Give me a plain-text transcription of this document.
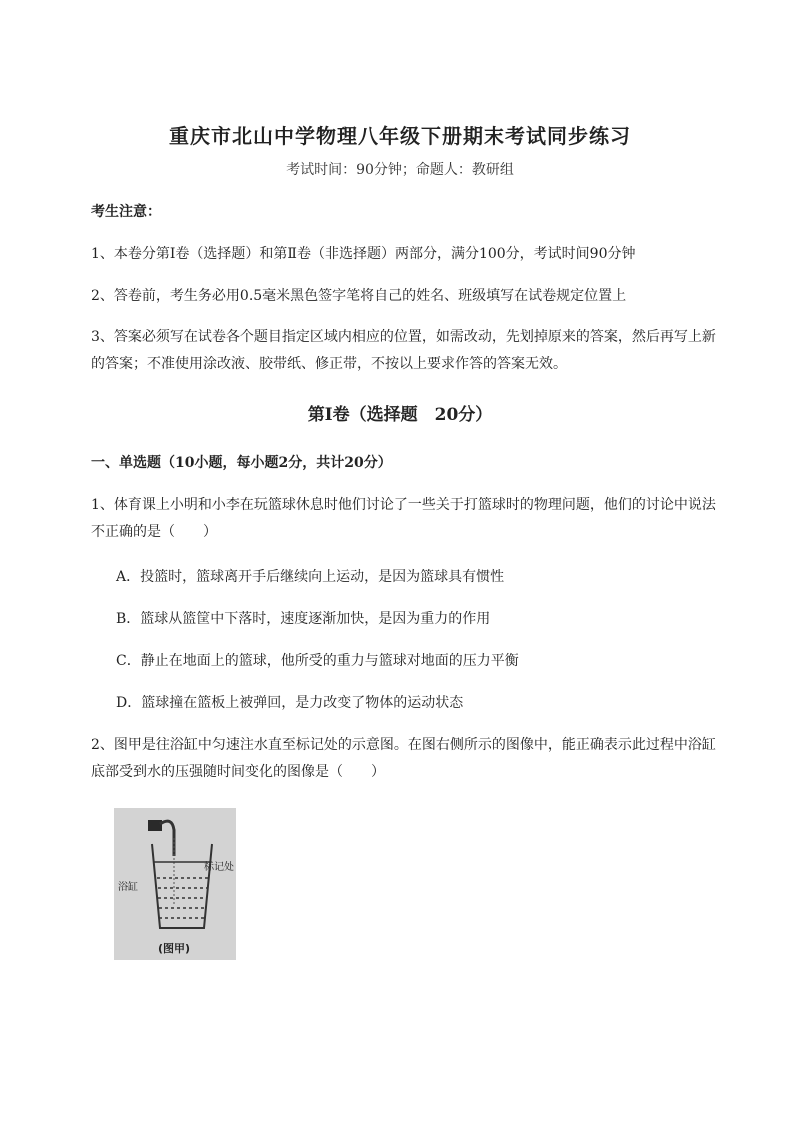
重庆市北山中学物理八年级下册期末考试同步练习
考试时间：90分钟；命题人：教研组
考生注意：
1、本卷分第I卷（选择题）和第Ⅱ卷（非选择题）两部分，满分100分，考试时间90分钟
2、答卷前，考生务必用0.5毫米黑色签字笔将自己的姓名、班级填写在试卷规定位置上
3、答案必须写在试卷各个题目指定区域内相应的位置，如需改动，先划掉原来的答案，然后再写上新的答案；不准使用涂改液、胶带纸、修正带，不按以上要求作答的答案无效。
第I卷（选择题　20分）
一、单选题（10小题，每小题2分，共计20分）
1、体育课上小明和小李在玩篮球休息时他们讨论了一些关于打篮球时的物理问题，他们的讨论中说法不正确的是（　　）
A．投篮时，篮球离开手后继续向上运动，是因为篮球具有惯性
B．篮球从篮筐中下落时，速度逐渐加快，是因为重力的作用
C．静止在地面上的篮球，他所受的重力与篮球对地面的压力平衡
D．篮球撞在篮板上被弹回，是力改变了物体的运动状态
2、图甲是往浴缸中匀速注水直至标记处的示意图。在图右侧所示的图像中，能正确表示此过程中浴缸底部受到水的压强随时间变化的图像是（　　）
浴缸
标记处
(图甲)
